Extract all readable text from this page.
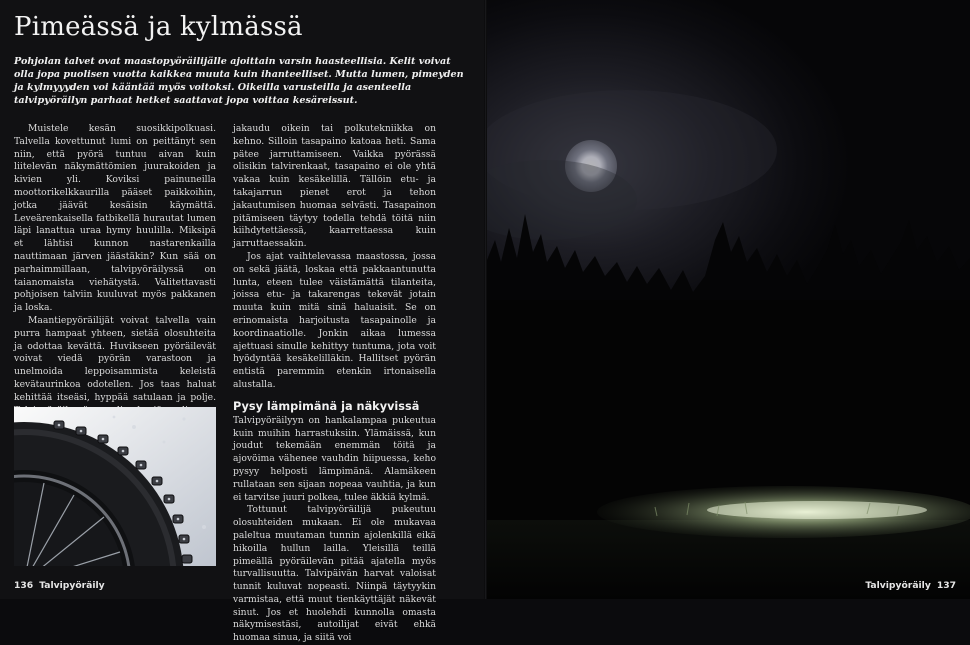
Pimeässä ja kylmässä

Pohjolan talvet ovat maastopyöräilijälle ajoittain varsin haasteellisia. Kelit voivat olla jopa puolisen vuotta kaikkea muuta kuin ihanteelliset. Mutta lumen, pimeyden ja kylmyyyden voi kääntää myös voitoksi. Oikeilla varusteilla ja asenteella talvipyöräilyn parhaat hetket saattavat jopa voittaa kesäreissut.

Muistele kesän suosikkipolkuasi. Talvella kovettunut lumi on peittänyt sen niin, että pyörä tuntuu aivan kuin liitelevän näkymättömien juurakoiden ja kivien yli. Koviksi painuneilla moottorikelkkaurilla pääset paikkoihin, jotka jäävät kesäisin käymättä. Leveärenkaisella fatbikellä hurautat lumen läpi lanattua uraa hymy huulilla. Miksipä et lähtisi kunnon nastarenkailla nauttimaan järven jäästäkin? Kun sää on parhaimmillaan, talvipyöräilyssä on taianomaista viehätystä. Valitettavasti pohjoisen talviin kuuluvat myös pakkanen ja loska.

Maantiepyöräilijät voivat talvella vain purra hampaat yhteen, sietää olosuhteita ja odottaa kevättä. Huvikseen pyöräilevät voivat viedä pyörän varastoon ja unelmoida leppoisammista keleistä kevätaurinkoa odotellen. Jos taas haluat kehittää itseäsi, hyppää satulaan ja polje.

jakaudu oikein tai polkutekniikka on kehno. Silloin tasapaino katoaa heti. Sama pätee jarruttamiseen. Vaikka pyörässä olisikin talvirenkaat, tasapaino ei ole yhtä vakaa kuin kesäkelillä. Tällöin etu- ja takajarrun pienet erot ja tehon jakautumisen huomaa selvästi. Tasapainon pitämiseen täytyy todella tehdä töitä niin kiihdytettäessä, kaarrettaessa kuin jarruttaessakin.

Jos ajat vaihtelevassa maastossa, jossa on sekä jäätä, loskaa että pakkaantunutta lunta, eteen tulee väistämättä tilanteita, joissa etu- ja takarengas tekevät jotain muuta kuin mitä sinä haluaisit. Se on erinomaista harjoitusta tasapainolle ja koordinaatiolle. Jonkin aikaa lumessa ajettuasi sinulle kehittyy tuntuma, jota voit hyödyntää kesäkelilläkin. Hallitset pyörän entistä paremmin etenkin irtonaisella alustalla.

Pysy lämpimänä ja näkyvissä

Talvipyöräilyyn on hankalampaa pukeutua kuin muihin harrastuksiin. Ylämäissä, kun joudut tekemään enemmän töitä ja ajovöima vähenee vauhdin hiipuessa, keho pysyy helposti lämpimänä. Alamäkeen rullataan sen sijaan nopeaa vauhtia, ja kun ei tarvitse juuri polkea, tulee äkkiä kylmä.

Tottunut talvipyöräilijä pukeutuu olosuhteiden mukaan. Ei ole mukavaa paleltua muutaman tunnin ajolenkillä eikä hikoilla hullun lailla. Yleisillä teillä pimeällä pyöräilevän pitää ajatella myös turvallisuutta. Talvipäivän harvat valoisat tunnit kuluvat nopeasti. Niinpä täytyykin varmistaa, että muut tienkäyttäjät näkevät sinut. Jos et huolehdi kunnolla omasta näkymisestäsi, autoilijat eivät ehkä huomaa sinua, ja siitä voi

136 Talvipyöräily	Talvipyöräily 137
